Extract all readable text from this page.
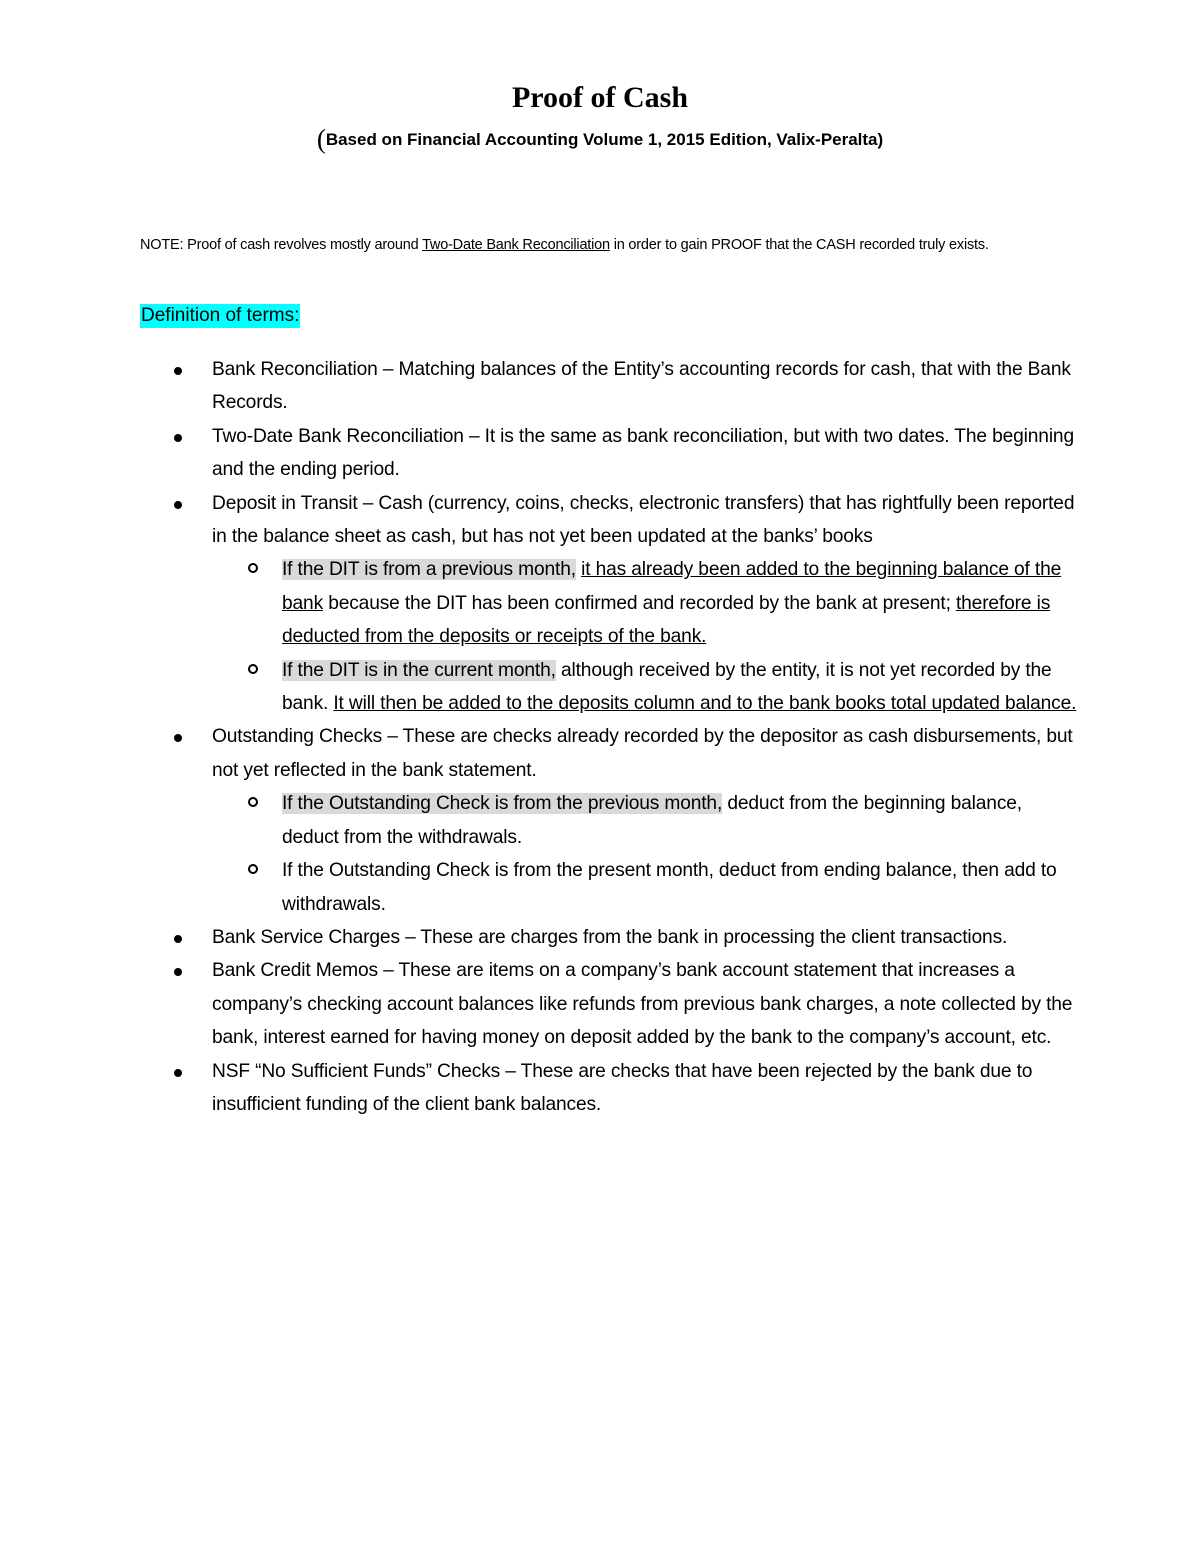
Proof of Cash
(Based on Financial Accounting Volume 1, 2015 Edition, Valix-Peralta)
NOTE: Proof of cash revolves mostly around Two-Date Bank Reconciliation in order to gain PROOF that the CASH recorded truly exists.
Definition of terms:
Bank Reconciliation – Matching balances of the Entity’s accounting records for cash, that with the Bank Records.
Two-Date Bank Reconciliation – It is the same as bank reconciliation, but with two dates. The beginning and the ending period.
Deposit in Transit – Cash (currency, coins, checks, electronic transfers) that has rightfully been reported in the balance sheet as cash, but has not yet been updated at the banks’ books
If the DIT is from a previous month, it has already been added to the beginning balance of the bank because the DIT has been confirmed and recorded by the bank at present; therefore is deducted from the deposits or receipts of the bank.
If the DIT is in the current month, although received by the entity, it is not yet recorded by the bank. It will then be added to the deposits column and to the bank books total updated balance.
Outstanding Checks – These are checks already recorded by the depositor as cash disbursements, but not yet reflected in the bank statement.
If the Outstanding Check is from the previous month, deduct from the beginning balance, deduct from the withdrawals.
If the Outstanding Check is from the present month, deduct from ending balance, then add to withdrawals.
Bank Service Charges – These are charges from the bank in processing the client transactions.
Bank Credit Memos – These are items on a company’s bank account statement that increases a company’s checking account balances like refunds from previous bank charges, a note collected by the bank, interest earned for having money on deposit added by the bank to the company’s account, etc.
NSF “No Sufficient Funds” Checks – These are checks that have been rejected by the bank due to insufficient funding of the client bank balances.
